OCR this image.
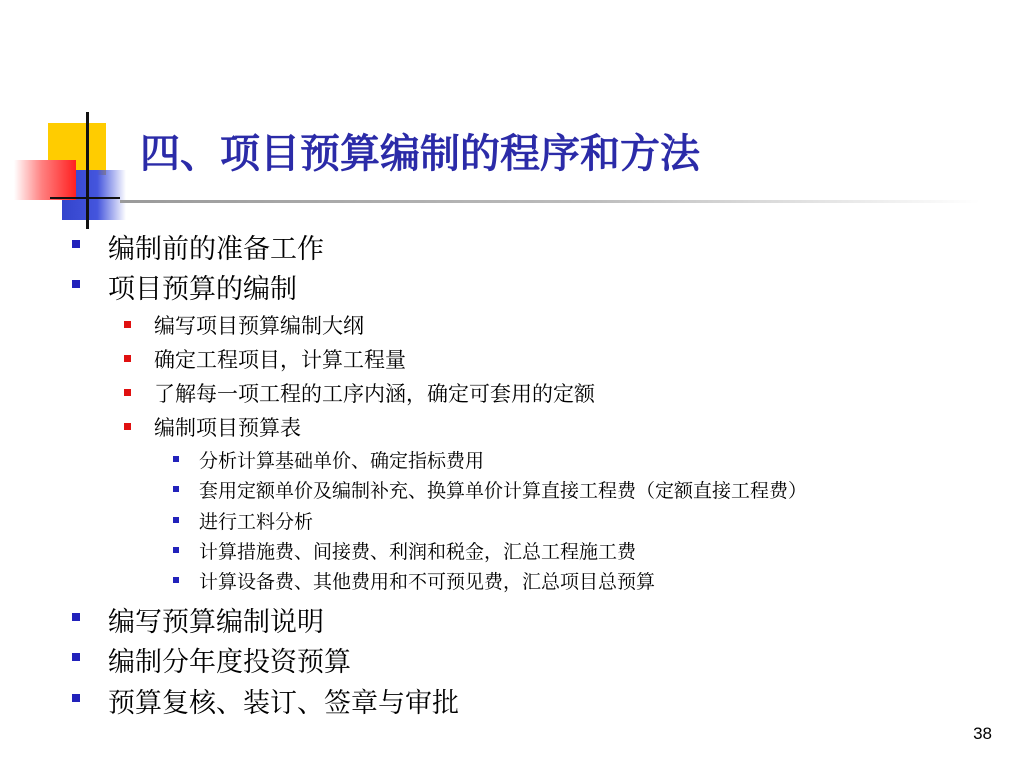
四、项目预算编制的程序和方法
编制前的准备工作
项目预算的编制
编写项目预算编制大纲
确定工程项目，计算工程量
了解每一项工程的工序内涵，确定可套用的定额
编制项目预算表
分析计算基础单价、确定指标费用
套用定额单价及编制补充、换算单价计算直接工程费（定额直接工程费）
进行工料分析
计算措施费、间接费、利润和税金，汇总工程施工费
计算设备费、其他费用和不可预见费，汇总项目总预算
编写预算编制说明
编制分年度投资预算
预算复核、装订、签章与审批
38
